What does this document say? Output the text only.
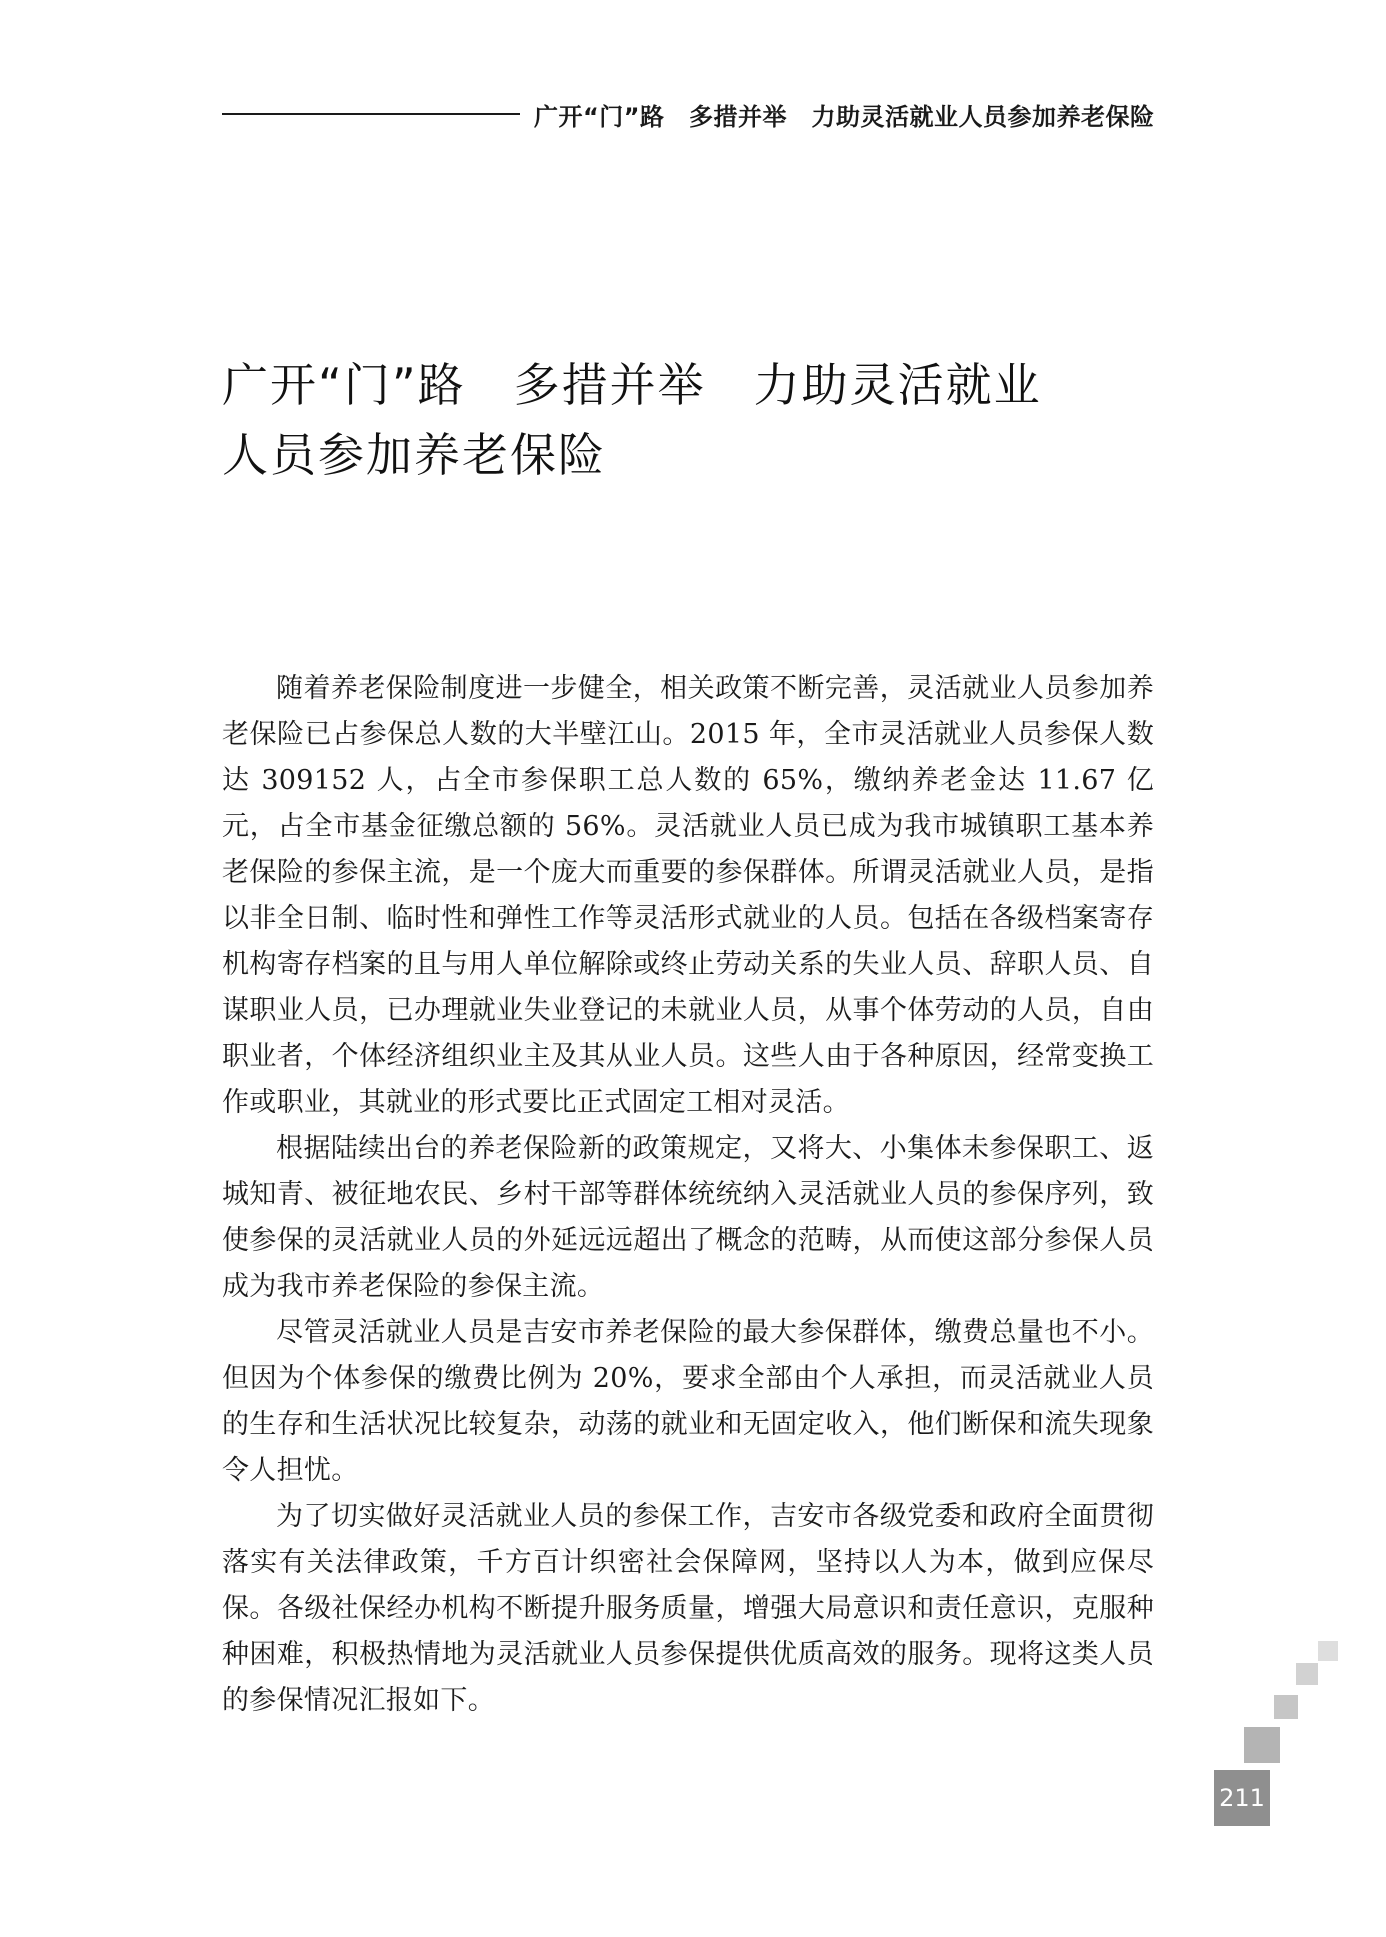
广开“门”路　多措并举　力助灵活就业人员参加养老保险
广开“门”路　多措并举　力助灵活就业
人员参加养老保险

随着养老保险制度进一步健全，相关政策不断完善，灵活就业人员参加养老保险已占参保总人数的大半壁江山。2015 年，全市灵活就业人员参保人数达 309152 人，占全市参保职工总人数的 65%，缴纳养老金达 11.67 亿元，占全市基金征缴总额的 56%。灵活就业人员已成为我市城镇职工基本养老保险的参保主流，是一个庞大而重要的参保群体。所谓灵活就业人员，是指以非全日制、临时性和弹性工作等灵活形式就业的人员。包括在各级档案寄存机构寄存档案的且与用人单位解除或终止劳动关系的失业人员、辞职人员、自谋职业人员，已办理就业失业登记的未就业人员，从事个体劳动的人员，自由职业者，个体经济组织业主及其从业人员。这些人由于各种原因，经常变换工作或职业，其就业的形式要比正式固定工相对灵活。

根据陆续出台的养老保险新的政策规定，又将大、小集体未参保职工、返城知青、被征地农民、乡村干部等群体统统纳入灵活就业人员的参保序列，致使参保的灵活就业人员的外延远远超出了概念的范畴，从而使这部分参保人员成为我市养老保险的参保主流。

尽管灵活就业人员是吉安市养老保险的最大参保群体，缴费总量也不小。但因为个体参保的缴费比例为 20%，要求全部由个人承担，而灵活就业人员的生存和生活状况比较复杂，动荡的就业和无固定收入，他们断保和流失现象令人担忧。

为了切实做好灵活就业人员的参保工作，吉安市各级党委和政府全面贯彻落实有关法律政策，千方百计织密社会保障网，坚持以人为本，做到应保尽保。各级社保经办机构不断提升服务质量，增强大局意识和责任意识，克服种种困难，积极热情地为灵活就业人员参保提供优质高效的服务。现将这类人员的参保情况汇报如下。

211
